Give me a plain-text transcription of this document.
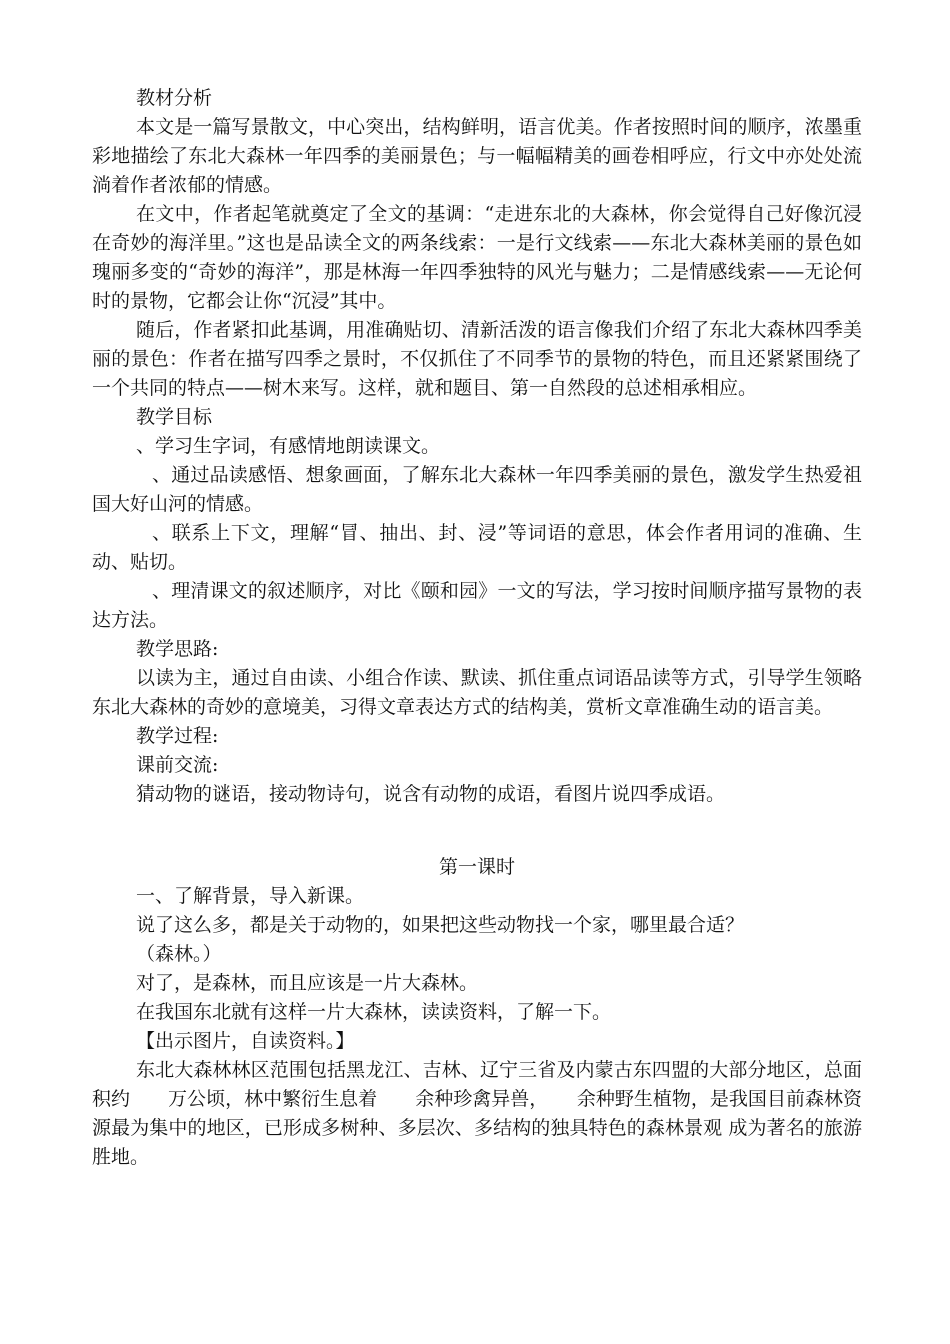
教材分析

本文是一篇写景散文，中心突出，结构鲜明，语言优美。作者按照时间的顺序，浓墨重彩地描绘了东北大森林一年四季的美丽景色；与一幅幅精美的画卷相呼应，行文中亦处处流淌着作者浓郁的情感。

在文中，作者起笔就奠定了全文的基调：“走进东北的大森林，你会觉得自己好像沉浸在奇妙的海洋里。”这也是品读全文的两条线索：一是行文线索——东北大森林美丽的景色如瑰丽多变的“奇妙的海洋”，那是林海一年四季独特的风光与魅力；二是情感线索——无论何时的景物，它都会让你“沉浸”其中。

随后，作者紧扣此基调，用准确贴切、清新活泼的语言像我们介绍了东北大森林四季美丽的景色：作者在描写四季之景时，不仅抓住了不同季节的景物的特色，而且还紧紧围绕了一个共同的特点——树木来写。这样，就和题目、第一自然段的总述相承相应。

教学目标

、学习生字词，有感情地朗读课文。

、通过品读感悟、想象画面，了解东北大森林一年四季美丽的景色，激发学生热爱祖国大好山河的情感。

、联系上下文，理解“冒、抽出、封、浸”等词语的意思，体会作者用词的准确、生动、贴切。

、理清课文的叙述顺序，对比《颐和园》一文的写法，学习按时间顺序描写景物的表达方法。

教学思路:

以读为主，通过自由读、小组合作读、默读、抓住重点词语品读等方式，引导学生领略东北大森林的奇妙的意境美，习得文章表达方式的结构美，赏析文章准确生动的语言美。

教学过程:

课前交流:

猜动物的谜语，接动物诗句，说含有动物的成语，看图片说四季成语。

第一课时

一、了解背景，导入新课。

说了这么多，都是关于动物的，如果把这些动物找一个家，哪里最合适？

（森林。）

对了，是森林，而且应该是一片大森林。

在我国东北就有这样一片大森林，读读资料，了解一下。

【出示图片，自读资料。】

东北大森林林区范围包括黑龙江、吉林、辽宁三省及内蒙古东四盟的大部分地区，总面积约　　万公顷，林中繁衍生息着　　余种珍禽异兽，　　余种野生植物，是我国目前森林资源最为集中的地区，已形成多树种、多层次、多结构的独具特色的森林景观 成为著名的旅游胜地。
